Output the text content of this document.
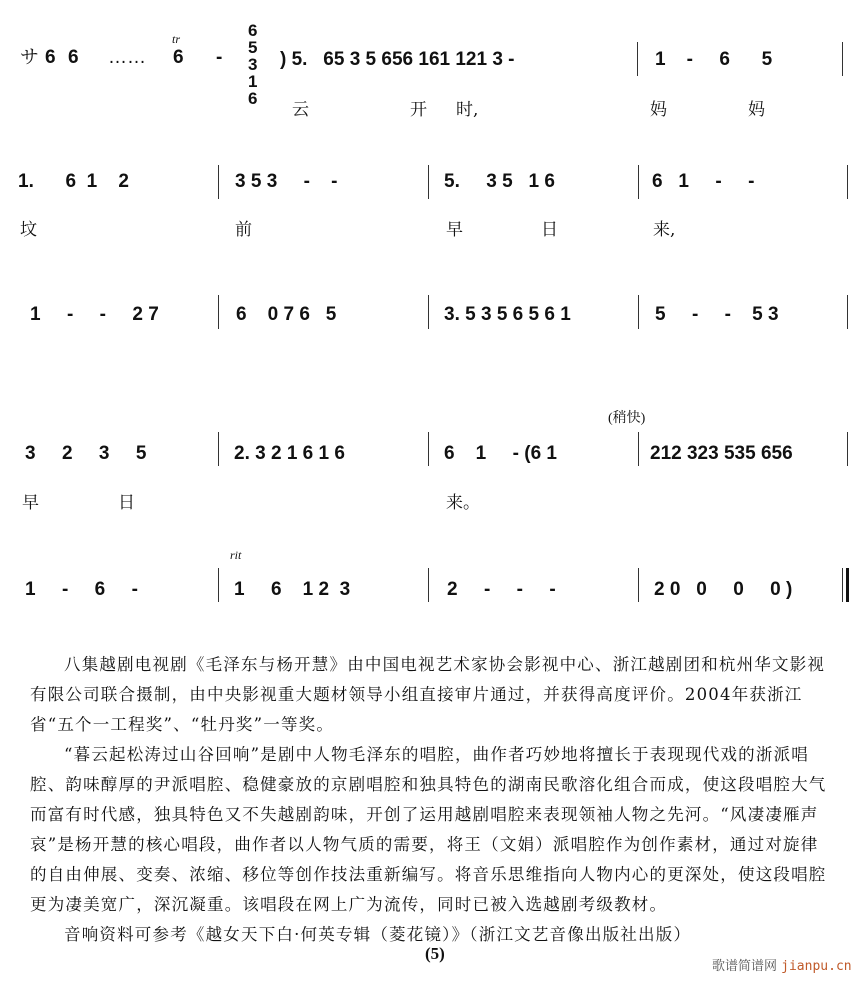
サ 6 6 ……
tr
6 -
6
5
3
1
6
) 5.   65 3 5 656 161 121 3 -	1    -     6      5
云	开 时,	妈	妈
1.      6  1    2	3 5 3     -    -	5.     3 5   1 6	6   1     -     -
坟	前	早	日	来,
1     -     -     2 7	6    0 7 6   5	3. 5 3 5 6 5 6 1	5     -     -    5 3
(稍快)
3     2     3     5	2. 3 2 1 6 1 6	6    1     - (6 1	212 323 535 656
早	日	来。
rit
1     -     6     -	1     6    1 2  3	2     -     -     -	2 0   0     0     0 )

八集越剧电视剧《毛泽东与杨开慧》由中国电视艺术家协会影视中心、浙江越剧团和杭州华文影视有限公司联合摄制，由中央影视重大题材领导小组直接审片通过，并获得高度评价。2004年获浙江省“五个一工程奖”、“牡丹奖”一等奖。

“暮云起松涛过山谷回响”是剧中人物毛泽东的唱腔，曲作者巧妙地将擅长于表现现代戏的浙派唱腔、韵味醇厚的尹派唱腔、稳健豪放的京剧唱腔和独具特色的湖南民歌溶化组合而成，使这段唱腔大气而富有时代感，独具特色又不失越剧韵味，开创了运用越剧唱腔来表现领袖人物之先河。“风凄凄雁声哀”是杨开慧的核心唱段，曲作者以人物气质的需要，将王（文娟）派唱腔作为创作素材，通过对旋律的自由伸展、变奏、浓缩、移位等创作技法重新编写。将音乐思维指向人物内心的更深处，使这段唱腔更为凄美宽广，深沉凝重。该唱段在网上广为流传，同时已被入选越剧考级教材。

音响资料可参考《越女天下白·何英专辑（菱花镜）》（浙江文艺音像出版社出版）

(5)
歌谱简谱网 jianpu.cn
